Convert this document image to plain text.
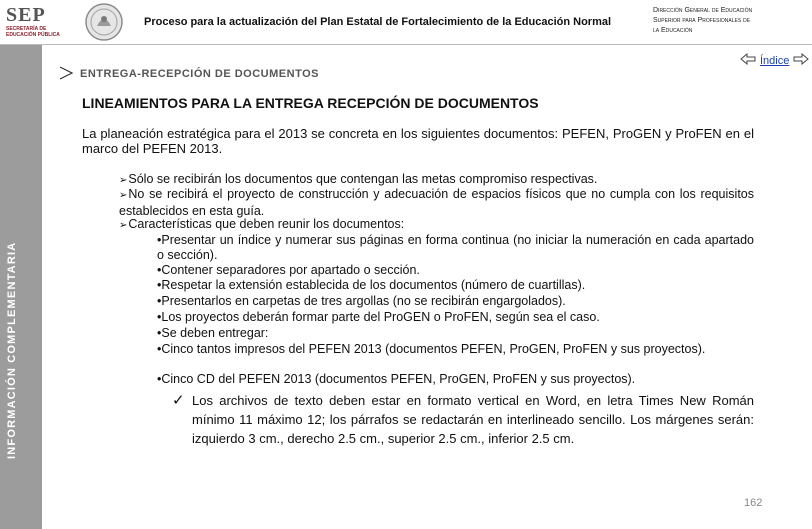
SEP
SECRETARÍA DE EDUCACIÓN PÚBLICA
Proceso para la actualización del Plan Estatal de Fortalecimiento de la Educación Normal
Dirección General de Educación
Superior para Profesionales de
la Educación
INFORMACIÓN COMPLEMENTARIA
ENTREGA-RECEPCIÓN DE DOCUMENTOS
Índice
LINEAMIENTOS PARA LA ENTREGA RECEPCIÓN DE DOCUMENTOS
La planeación estratégica para el 2013 se concreta en los siguientes documentos: PEFEN, ProGEN y ProFEN en el marco del PEFEN 2013.
➢Sólo se recibirán los documentos que contengan las metas compromiso respectivas.
➢No se recibirá el proyecto de construcción y adecuación de espacios físicos que no cumpla con los requisitos establecidos en esta guía.
➢Características que deben reunir los documentos:
•Presentar un índice y numerar sus páginas en forma continua (no iniciar la numeración en cada apartado o sección).
•Contener separadores por apartado o sección.
•Respetar la extensión establecida de los documentos (número de cuartillas).
•Presentarlos en carpetas de tres argollas (no se recibirán engargolados).
•Los proyectos deberán formar parte del ProGEN o ProFEN, según sea el caso.
•Se deben entregar:
•Cinco tantos impresos del PEFEN 2013 (documentos PEFEN, ProGEN, ProFEN y sus proyectos).
•Cinco CD del PEFEN 2013 (documentos PEFEN, ProGEN, ProFEN y sus proyectos).
✓ Los archivos de texto deben estar en formato vertical en Word, en letra Times New Román mínimo 11 máximo 12; los párrafos se redactarán en interlineado sencillo. Los márgenes serán: izquierdo 3 cm., derecho 2.5 cm., superior 2.5 cm., inferior 2.5 cm.
162
